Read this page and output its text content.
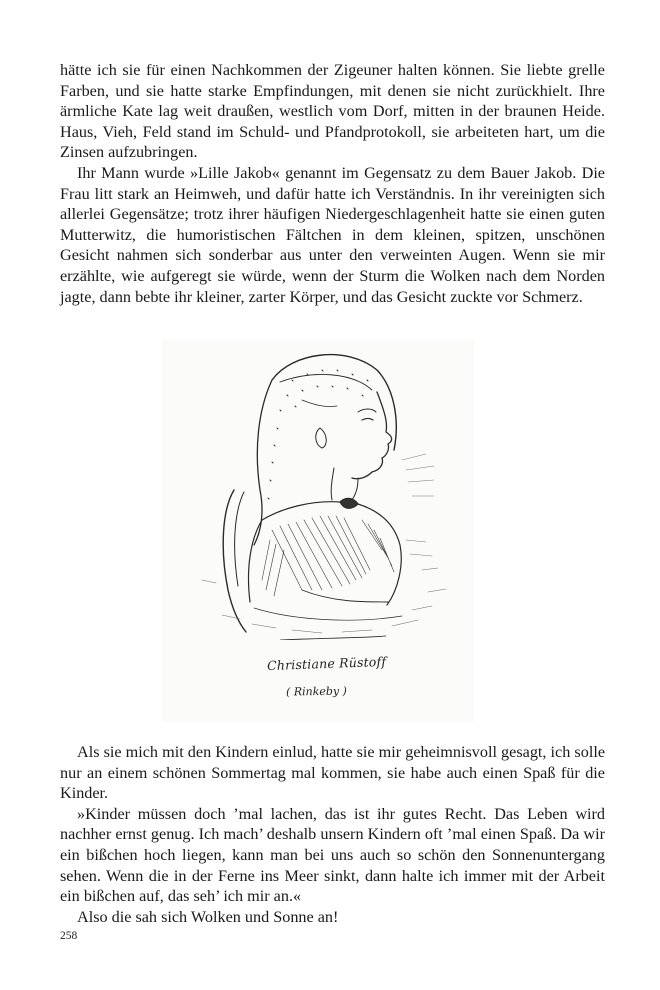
hätte ich sie für einen Nachkommen der Zigeuner halten können. Sie liebte grelle Farben, und sie hatte starke Empfindungen, mit denen sie nicht zurückhielt. Ihre ärmliche Kate lag weit draußen, westlich vom Dorf, mitten in der braunen Heide. Haus, Vieh, Feld stand im Schuld- und Pfandprotokoll, sie arbeiteten hart, um die Zinsen aufzubringen.

Ihr Mann wurde »Lille Jakob« genannt im Gegensatz zu dem Bauer Jakob. Die Frau litt stark an Heimweh, und dafür hatte ich Verständnis. In ihr vereinigten sich allerlei Gegensätze; trotz ihrer häufigen Niedergeschlagenheit hatte sie einen guten Mutterwitz, die humoristischen Fältchen in dem kleinen, spitzen, unschönen Gesicht nahmen sich sonderbar aus unter den verweinten Augen. Wenn sie mir erzählte, wie aufgeregt sie würde, wenn der Sturm die Wolken nach dem Norden jagte, dann bebte ihr kleiner, zarter Körper, und das Gesicht zuckte vor Schmerz.

Christiane Rüstoff
( Rinkeby )

Als sie mich mit den Kindern einlud, hatte sie mir geheimnisvoll gesagt, ich solle nur an einem schönen Sommertag mal kommen, sie habe auch einen Spaß für die Kinder.

»Kinder müssen doch ’mal lachen, das ist ihr gutes Recht. Das Leben wird nachher ernst genug. Ich mach’ deshalb unsern Kindern oft ’mal einen Spaß. Da wir ein bißchen hoch liegen, kann man bei uns auch so schön den Sonnenuntergang sehen. Wenn die in der Ferne ins Meer sinkt, dann halte ich immer mit der Arbeit ein bißchen auf, das seh’ ich mir an.«

Also die sah sich Wolken und Sonne an!

258
